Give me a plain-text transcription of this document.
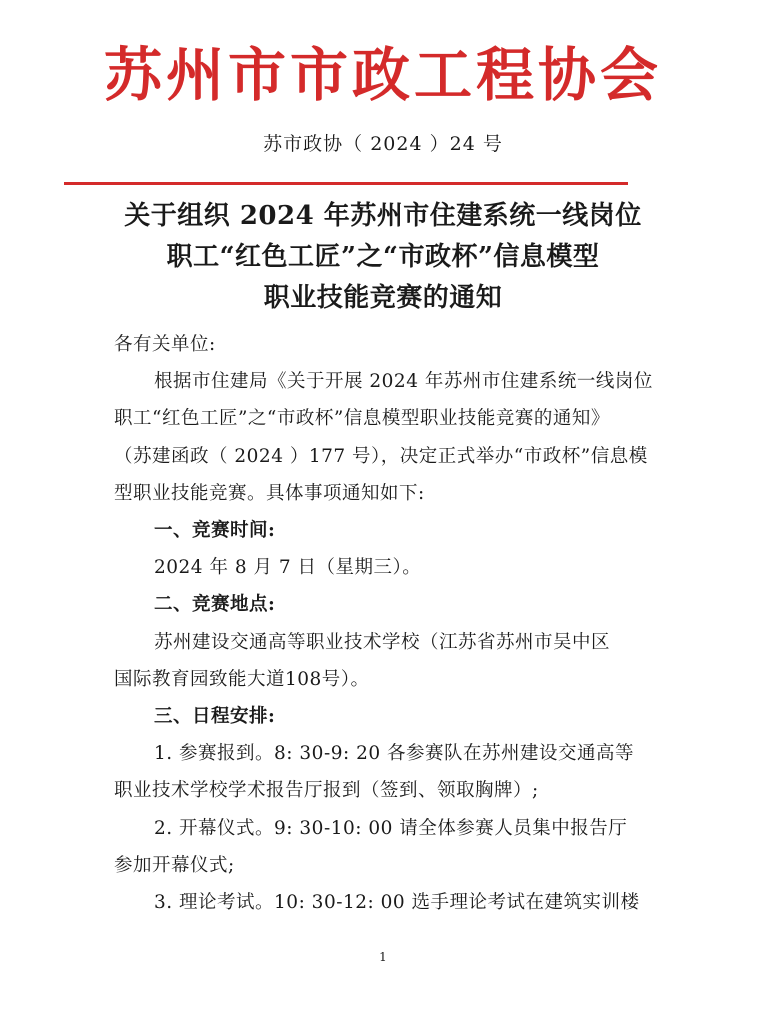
苏州市市政工程协会
苏市政协（ 2024 ）24 号
关于组织 2024 年苏州市住建系统一线岗位
职工“红色工匠”之“市政杯”信息模型
职业技能竞赛的通知
各有关单位:
根据市住建局《关于开展 2024 年苏州市住建系统一线岗位
职工“红色工匠”之“市政杯”信息模型职业技能竞赛的通知》
（苏建函政（ 2024 ）177 号），决定正式举办“市政杯”信息模
型职业技能竞赛。具体事项通知如下:
一、竞赛时间:
2024 年 8 月 7 日（星期三）。
二、竞赛地点:
苏州建设交通高等职业技术学校（江苏省苏州市吴中区
国际教育园致能大道108号）。
三、日程安排:
1. 参赛报到。8: 30-9: 20 各参赛队在苏州建设交通高等
职业技术学校学术报告厅报到（签到、领取胸牌）;
2. 开幕仪式。9: 30-10: 00 请全体参赛人员集中报告厅
参加开幕仪式;
3. 理论考试。10: 30-12: 00 选手理论考试在建筑实训楼
1
